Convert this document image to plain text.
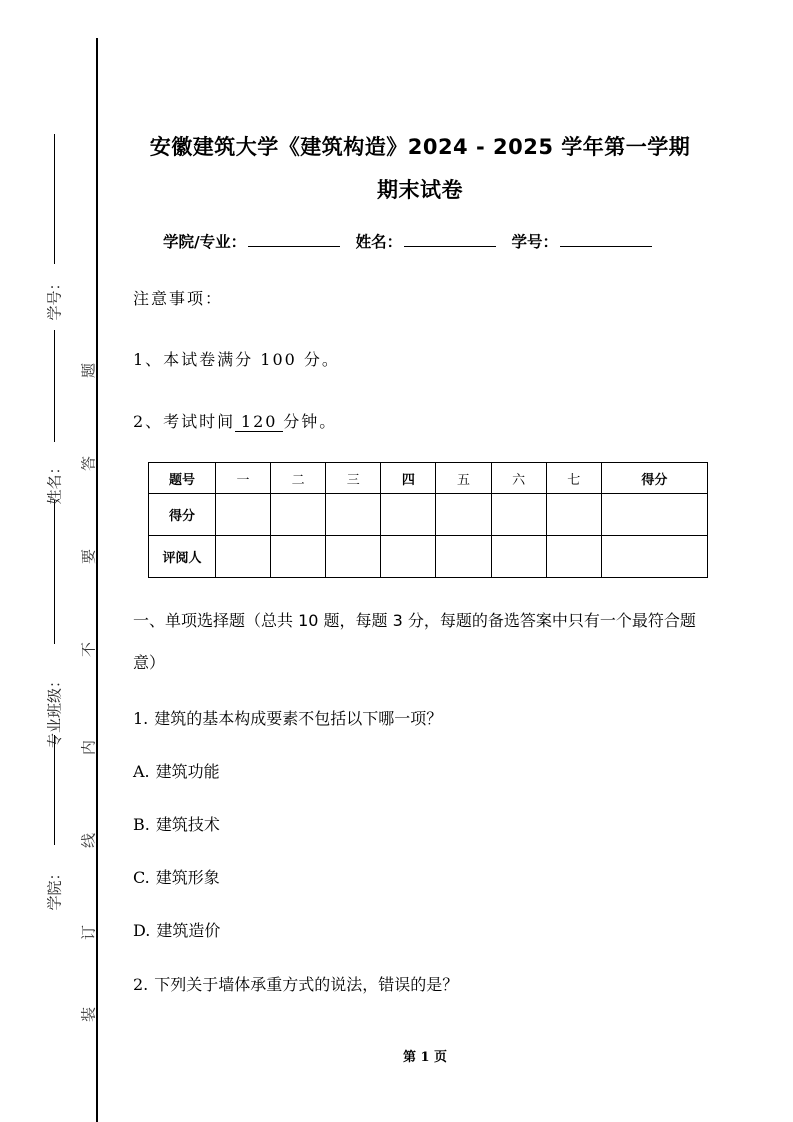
学号：
姓名：
专业班级：
学院：
题
答
要
不
内
线
订
装
安徽建筑大学《建筑构造》2024 - 2025 学年第一学期
期末试卷
学院/专业：	姓名：	学号：
注意事项：
1、本试卷满分 100 分。
2、考试时间 120 分钟。
题号	一	二	三	四	五	六	七	得分
得分								
评阅人								
一、单项选择题（总共 10 题，每题 3 分，每题的备选答案中只有一个最符合题意）
1. 建筑的基本构成要素不包括以下哪一项？
A. 建筑功能
B. 建筑技术
C. 建筑形象
D. 建筑造价
2. 下列关于墙体承重方式的说法，错误的是？
第 1 页
